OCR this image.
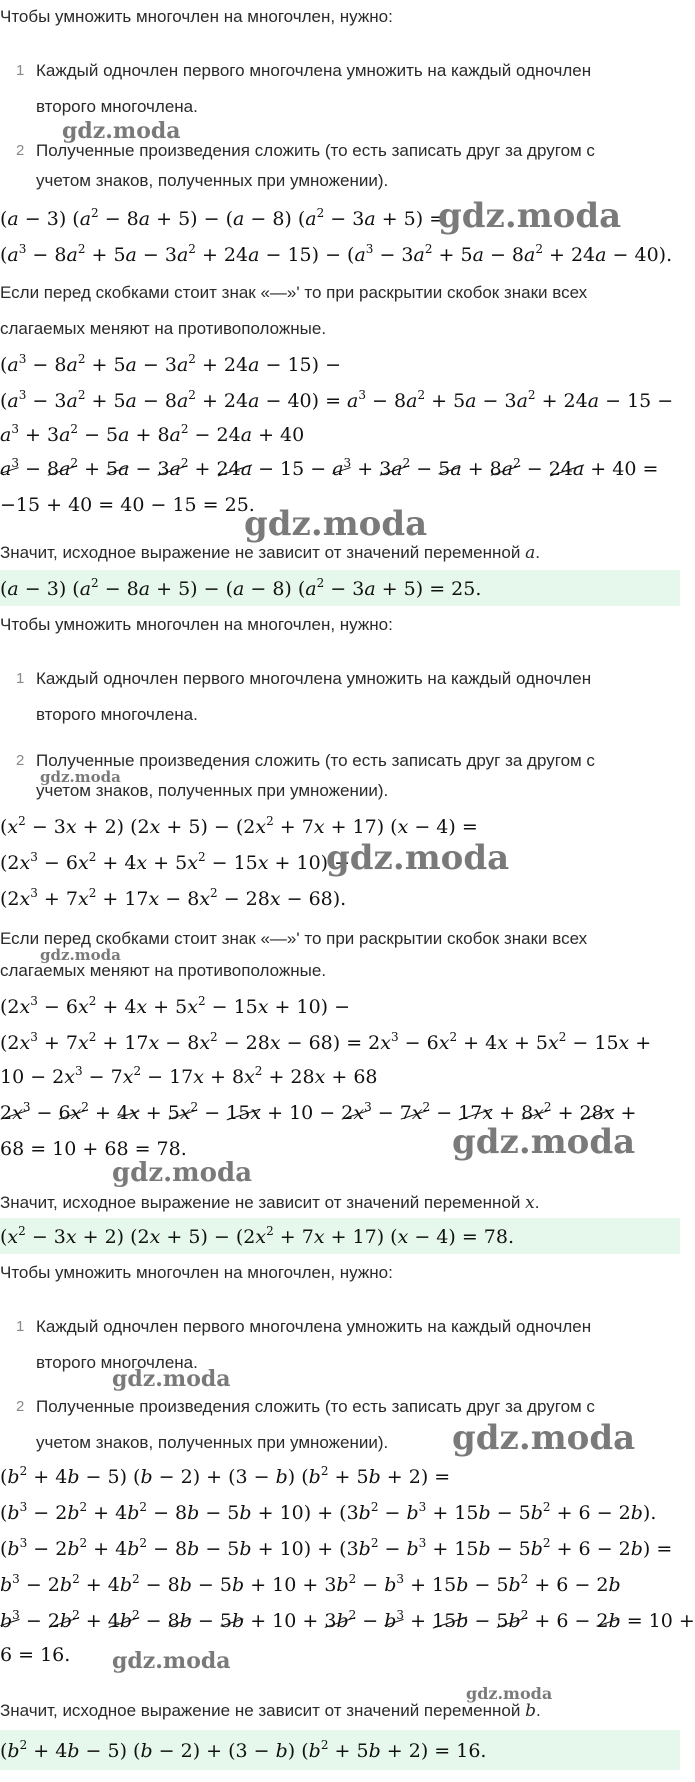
Чтобы умножить многочлен на многочлен, нужно:
1 Каждый одночлен первого многочлена умножить на каждый одночлен
второго многочлена.
gdz.moda
2 Полученные произведения сложить (то есть записать друг за другом с
учетом знаков, полученных при умножении).
(a − 3) $(a^2 - 8a + 5) - (a - 8) (a^2 - 3a + 5)$ =
gdz.moda
$(a^3 - 8a^2 + 5a - 3a^2 + 24a - 15) - (a^3 - 3a^2 + 5a - 8a^2 + 24a - 40)$.
Если перед скобками стоит знак «—»' то при раскрытии скобок знаки всех
слагаемых меняют на противоположные.
$(a^3 - 8a^2 + 5a - 3a^2 + 24a - 15)$ −
$(a^3 - 3a^2 + 5a - 8a^2 + 24a - 40) = a^3 - 8a^2 + 5a - 3a^2 + 24a - 15$ −
$a^3 + 3a^2 - 5a + 8a^2 - 24a + 40$
$a^3 - 8a^2 + 5a - 3a^2 + 24a - 15 - a^3 + 3a^2 - 5a + 8a^2 - 24a + 40$ =
−15 + 40 = 40 − 15 = 25.
gdz.moda
Значит, исходное выражение не зависит от значений переменной a.
(a − 3) $(a^2 - 8a + 5) - (a - 8) (a^2 - 3a + 5) = 25$.
Чтобы умножить многочлен на многочлен, нужно:
1 Каждый одночлен первого многочлена умножить на каждый одночлен
второго многочлена.
2 Полученные произведения сложить (то есть записать друг за другом с
gdz.moda
учетом знаков, полученных при умножении).
$(x^2 - 3x + 2) (2x + 5) - (2x^2 + 7x + 17) (x - 4)$ =
$(2x^3 - 6x^2 + 4x + 5x^2 - 15x + 10)$ −
gdz.moda
$(2x^3 + 7x^2 + 17x - 8x^2 - 28x - 68)$.
Если перед скобками стоит знак «—»' то при раскрытии скобок знаки всех
gdz.moda
слагаемых меняют на противоположные.
$(2x^3 - 6x^2 + 4x + 5x^2 - 15x + 10)$ −
$(2x^3 + 7x^2 + 17x - 8x^2 - 28x - 68) = 2x^3 - 6x^2 + 4x + 5x^2 - 15x$ +
$10 - 2x^3 - 7x^2 - 17x + 8x^2 + 28x + 68$
$2x^3 - 6x^2 + 4x + 5x^2 - 15x + 10 - 2x^3 - 7x^2 - 17x + 8x^2 + 28x$ +
68 = 10 + 68 = 78.	gdz.moda
gdz.moda
Значит, исходное выражение не зависит от значений переменной x.
$(x^2 - 3x + 2) (2x + 5) - (2x^2 + 7x + 17) (x - 4) = 78$.
Чтобы умножить многочлен на многочлен, нужно:
1 Каждый одночлен первого многочлена умножить на каждый одночлен
второго многочлена.
gdz.moda
2 Полученные произведения сложить (то есть записать друг за другом с
учетом знаков, полученных при умножении). gdz.moda
$(b^2 + 4b - 5) (b - 2) + (3 - b) (b^2 + 5b + 2)$ =
$(b^3 - 2b^2 + 4b^2 - 8b - 5b + 10) + (3b^2 - b^3 + 15b - 5b^2 + 6 - 2b)$.
$(b^3 - 2b^2 + 4b^2 - 8b - 5b + 10) + (3b^2 - b^3 + 15b - 5b^2 + 6 - 2b)$ =
$b^3 - 2b^2 + 4b^2 - 8b - 5b + 10 + 3b^2 - b^3 + 15b - 5b^2 + 6 - 2b$
$b^3 - 2b^2 + 4b^2 - 8b - 5b + 10 + 3b^2 - b^3 + 15b - 5b^2 + 6 - 2b = 10$ +
6 = 16. gdz.moda
gdz.moda
Значит, исходное выражение не зависит от значений переменной b.
$(b^2 + 4b - 5) (b - 2) + (3 - b) (b^2 + 5b + 2) = 16$.
